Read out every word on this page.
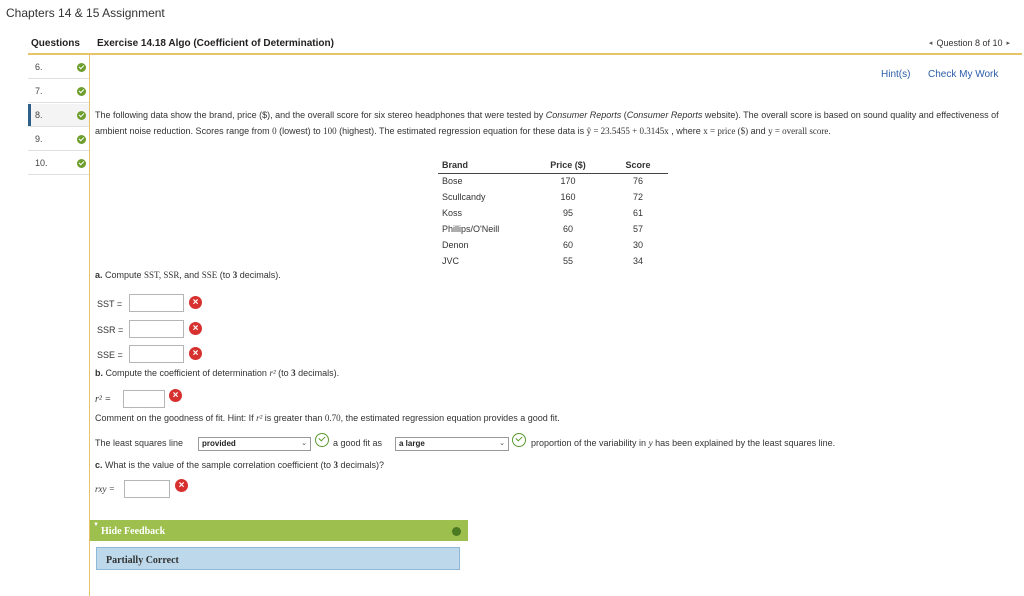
Chapters 14 & 15 Assignment
Questions Exercise 14.18 Algo (Coefficient of Determination)	◂ Question 8 of 10 ▸
6.
7.
8.
9.
10.
Hint(s) Check My Work
The following data show the brand, price ($), and the overall score for six stereo headphones that were tested by Consumer Reports (Consumer Reports website). The overall score is based on sound quality and effectiveness of ambient noise reduction. Scores range from 0 (lowest) to 100 (highest). The estimated regression equation for these data is ŷ = 23.5455 + 0.3145x , where x = price ($) and y = overall score.
Brand	Price ($)	Score
Bose	170	76
Scullcandy	160	72
Koss	95	61
Phillips/O'Neill	60	57
Denon	60	30
JVC	55	34
a. Compute SST, SSR, and SSE (to 3 decimals).
SST =	×
SSR =	×
SSE =	×
b. Compute the coefficient of determination r² (to 3 decimals).
r² =	×
Comment on the goodness of fit. Hint: If r² is greater than 0.70, the estimated regression equation provides a good fit.
The least squares line	provided	⌄	a good fit as	a large	⌄	proportion of the variability in y has been explained by the least squares line.
c. What is the value of the sample correlation coefficient (to 3 decimals)?
rxy =	×
▼
Hide Feedback
Partially Correct
